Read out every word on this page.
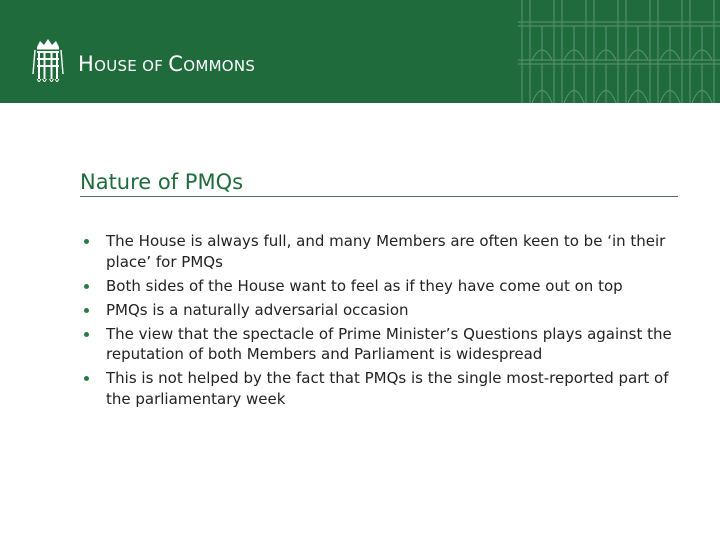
HOUSE OF COMMONS
Nature of PMQs
The House is always full, and many Members are often keen to be ‘in their place’ for PMQs
Both sides of the House want to feel as if they have come out on top
PMQs is a naturally adversarial occasion
The view that the spectacle of Prime Minister’s Questions plays against the reputation of both Members and Parliament is widespread
This is not helped by the fact that PMQs is the single most-reported part of the parliamentary week
